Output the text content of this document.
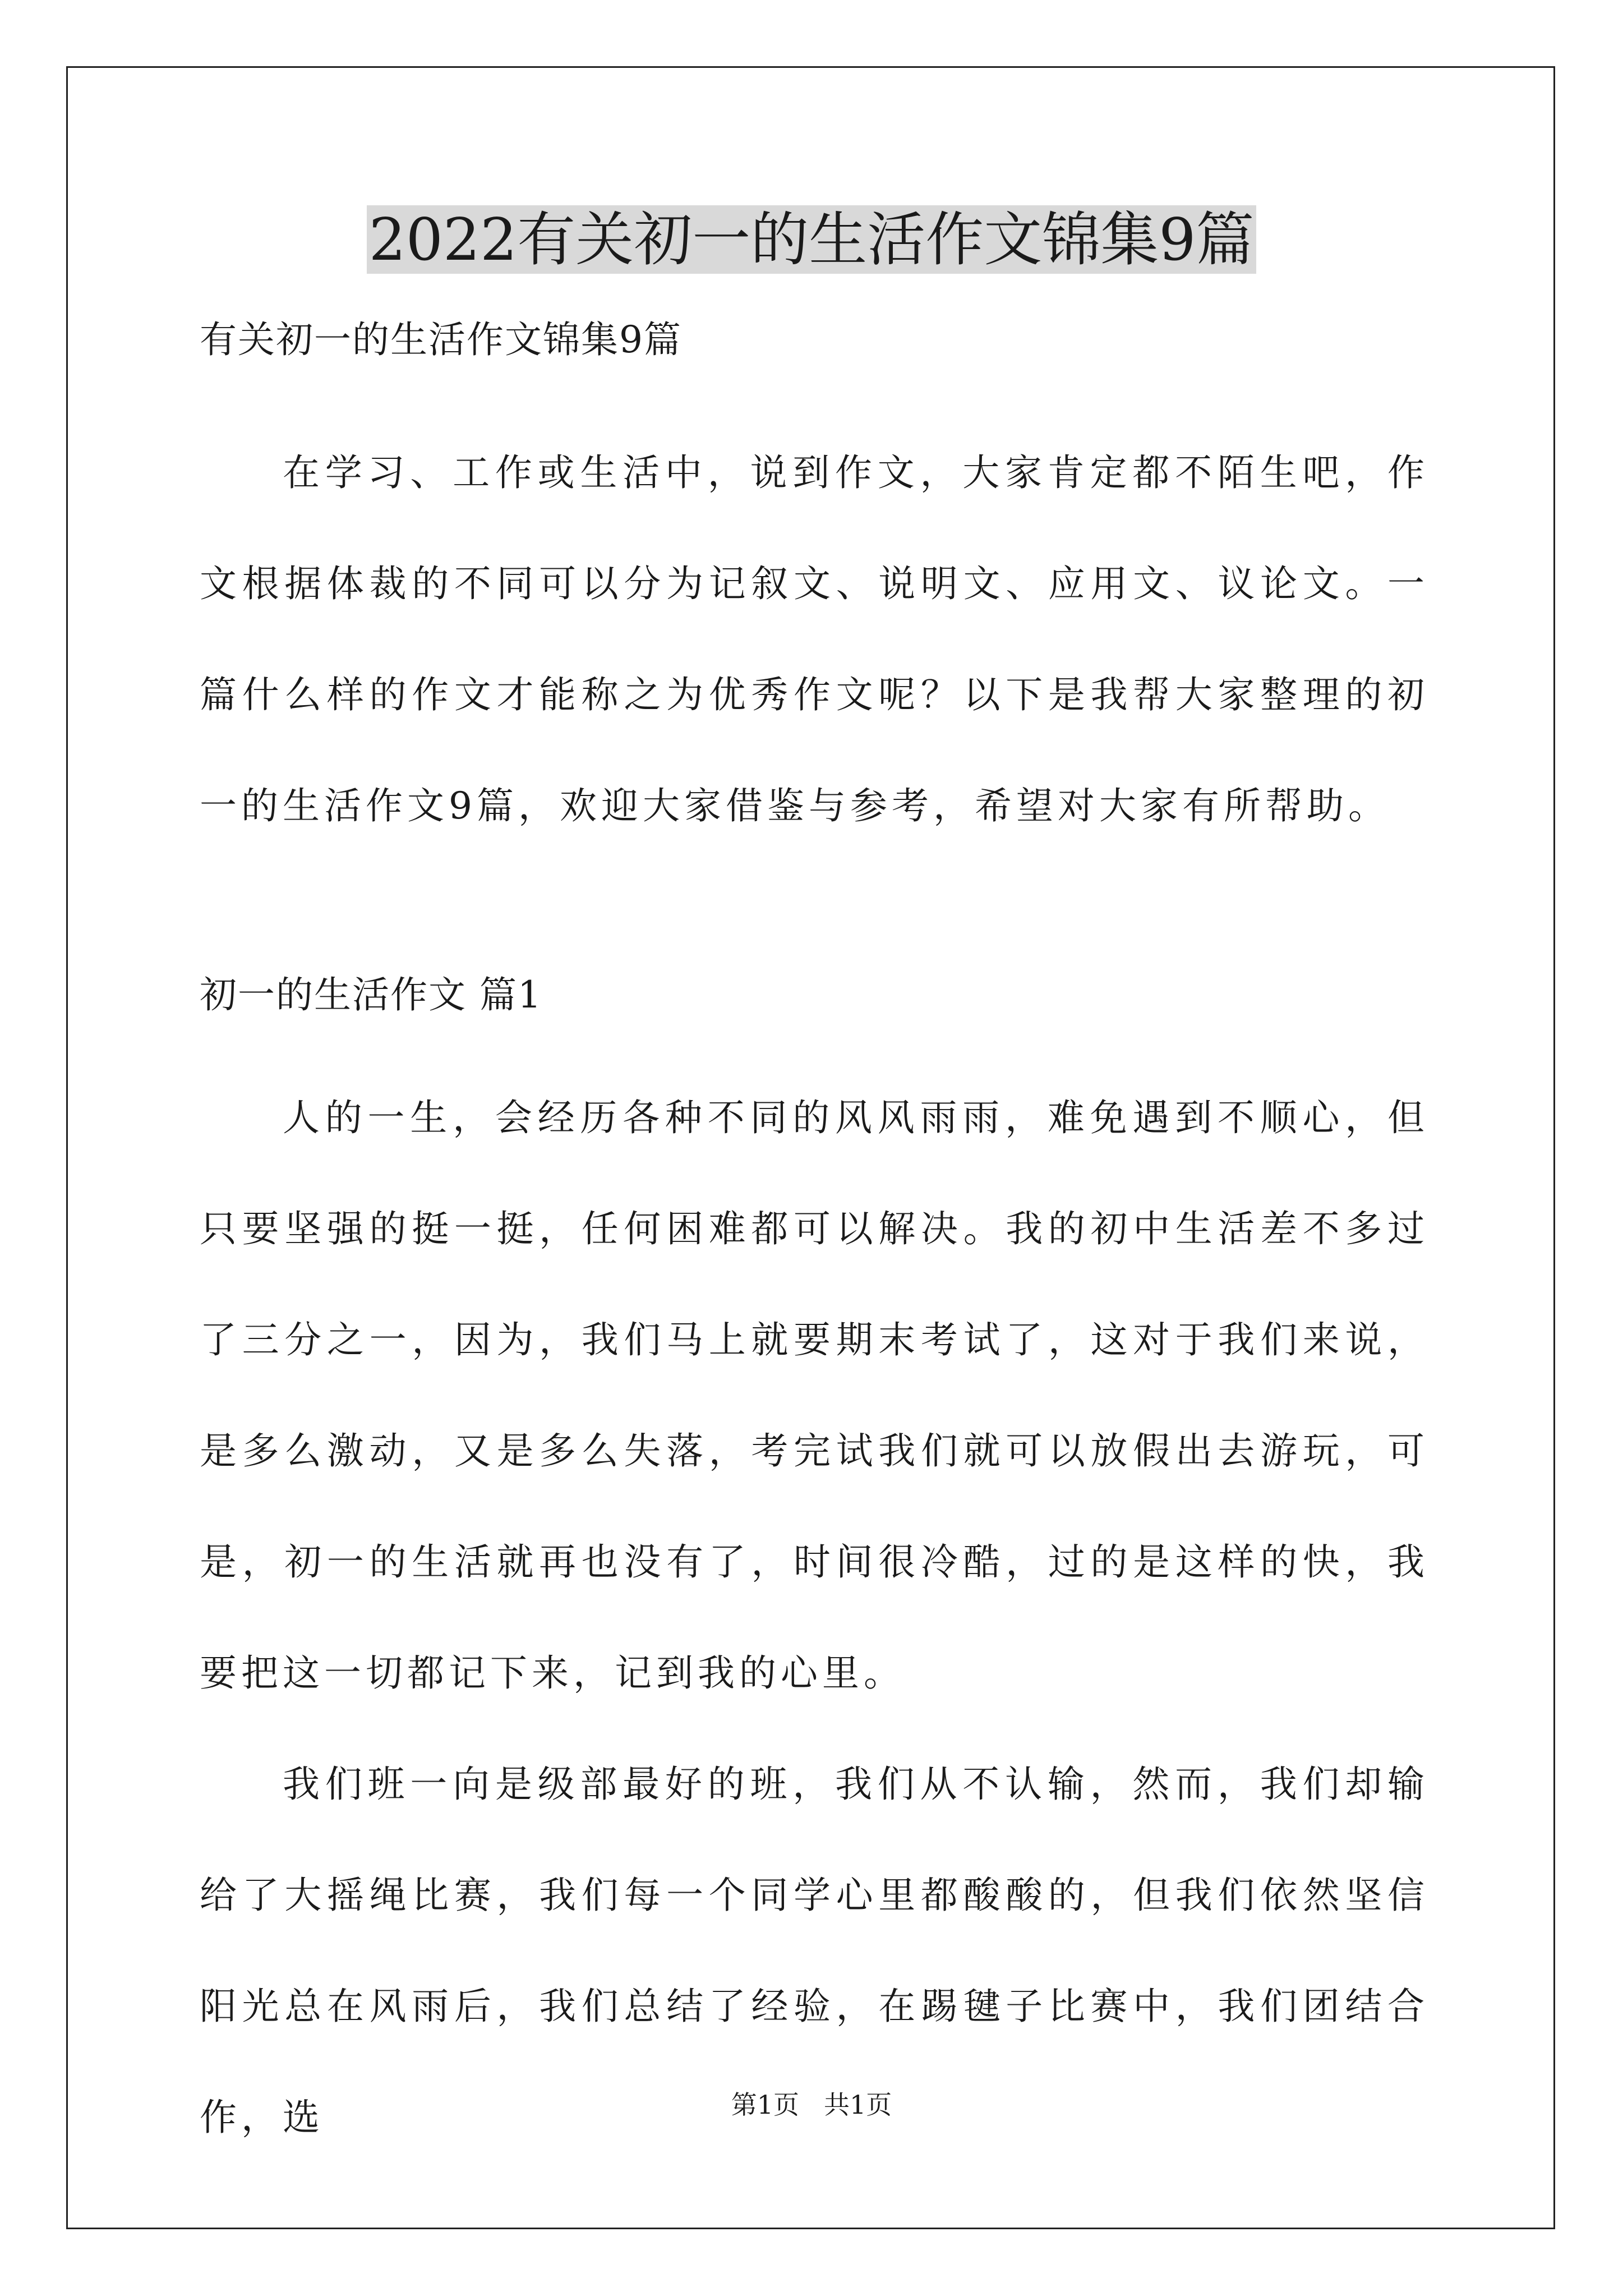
2022有关初一的生活作文锦集9篇

有关初一的生活作文锦集9篇

在学习、工作或生活中，说到作文，大家肯定都不陌生吧，作文根据体裁的不同可以分为记叙文、说明文、应用文、议论文。一篇什么样的作文才能称之为优秀作文呢？以下是我帮大家整理的初一的生活作文9篇，欢迎大家借鉴与参考，希望对大家有所帮助。

初一的生活作文 篇1

人的一生，会经历各种不同的风风雨雨，难免遇到不顺心，但只要坚强的挺一挺，任何困难都可以解决。我的初中生活差不多过了三分之一，因为，我们马上就要期末考试了，这对于我们来说，是多么激动，又是多么失落，考完试我们就可以放假出去游玩，可是，初一的生活就再也没有了，时间很冷酷，过的是这样的快，我要把这一切都记下来，记到我的心里。

我们班一向是级部最好的班，我们从不认输，然而，我们却输给了大摇绳比赛，我们每一个同学心里都酸酸的，但我们依然坚信阳光总在风雨后，我们总结了经验，在踢毽子比赛中，我们团结合作，选	第1页 共1页
